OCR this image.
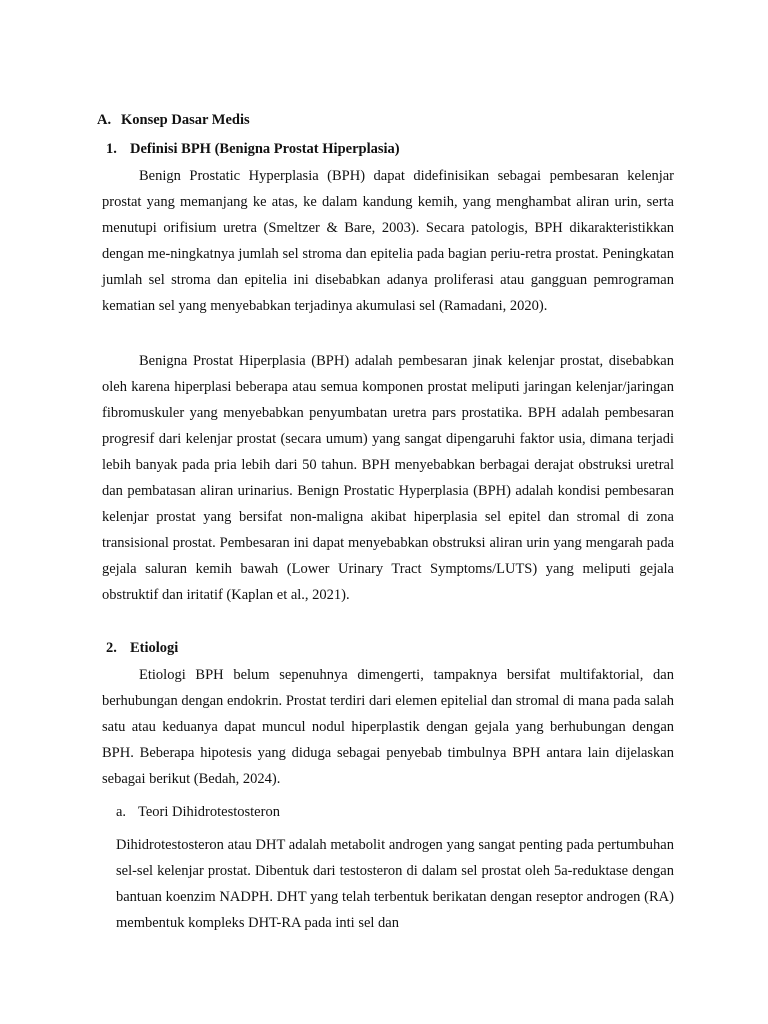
A. Konsep Dasar Medis
1. Definisi BPH (Benigna Prostat Hiperplasia)

Benign Prostatic Hyperplasia (BPH) dapat didefinisikan sebagai pembesaran kelenjar prostat yang memanjang ke atas, ke dalam kandung kemih, yang menghambat aliran urin, serta menutupi orifisium uretra (Smeltzer & Bare, 2003). Secara patologis, BPH dikarakteristikkan dengan me-ningkatnya jumlah sel stroma dan epitelia pada bagian periu-retra prostat. Peningkatan jumlah sel stroma dan epitelia ini disebabkan adanya proliferasi atau gangguan pemrograman kematian sel yang menyebabkan terjadinya akumulasi sel (Ramadani, 2020).

Benigna Prostat Hiperplasia (BPH) adalah pembesaran jinak kelenjar prostat, disebabkan oleh karena hiperplasi beberapa atau semua komponen prostat meliputi jaringan kelenjar/jaringan fibromuskuler yang menyebabkan penyumbatan uretra pars prostatika. BPH adalah pembesaran progresif dari kelenjar prostat (secara umum) yang sangat dipengaruhi faktor usia, dimana terjadi lebih banyak pada pria lebih dari 50 tahun. BPH menyebabkan berbagai derajat obstruksi uretral dan pembatasan aliran urinarius. Benign Prostatic Hyperplasia (BPH) adalah kondisi pembesaran kelenjar prostat yang bersifat non-maligna akibat hiperplasia sel epitel dan stromal di zona transisional prostat. Pembesaran ini dapat menyebabkan obstruksi aliran urin yang mengarah pada gejala saluran kemih bawah (Lower Urinary Tract Symptoms/LUTS) yang meliputi gejala obstruktif dan iritatif (Kaplan et al., 2021).

2. Etiologi

Etiologi BPH belum sepenuhnya dimengerti, tampaknya bersifat multifaktorial, dan berhubungan dengan endokrin. Prostat terdiri dari elemen epitelial dan stromal di mana pada salah satu atau keduanya dapat muncul nodul hiperplastik dengan gejala yang berhubungan dengan BPH. Beberapa hipotesis yang diduga sebagai penyebab timbulnya BPH antara lain dijelaskan sebagai berikut (Bedah, 2024).

a. Teori Dihidrotestosteron

Dihidrotestosteron atau DHT adalah metabolit androgen yang sangat penting pada pertumbuhan sel-sel kelenjar prostat. Dibentuk dari testosteron di dalam sel prostat oleh 5a-reduktase dengan bantuan koenzim NADPH. DHT yang telah terbentuk berikatan dengan reseptor androgen (RA) membentuk kompleks DHT-RA pada inti sel dan
